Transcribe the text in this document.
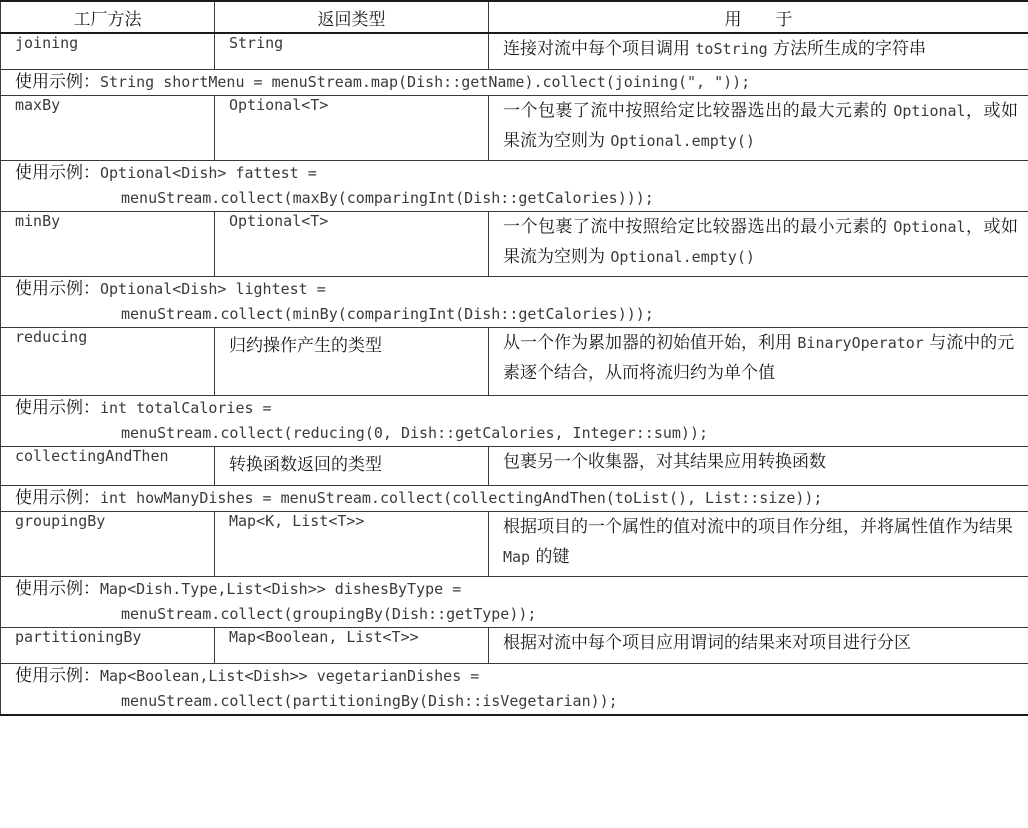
工厂方法	返回类型	用　　于
joining	String	连接对流中每个项目调用 toString 方法所生成的字符串
使用示例：String shortMenu = menuStream.map(Dish::getName).collect(joining(", "));		
maxBy	Optional<T>	一个包裹了流中按照给定比较器选出的最大元素的 Optional，或如果流为空则为 Optional.empty()
使用示例：Optional<Dish> fattest =
menuStream.collect(maxBy(comparingInt(Dish::getCalories)));		

minBy	Optional<T>	一个包裹了流中按照给定比较器选出的最小元素的 Optional，或如果流为空则为 Optional.empty()
使用示例：Optional<Dish> lightest =
menuStream.collect(minBy(comparingInt(Dish::getCalories)));		

reducing	归约操作产生的类型	从一个作为累加器的初始值开始，利用 BinaryOperator 与流中的元素逐个结合，从而将流归约为单个值
使用示例：int totalCalories =
menuStream.collect(reducing(0, Dish::getCalories, Integer::sum));		

collectingAndThen	转换函数返回的类型	包裹另一个收集器，对其结果应用转换函数
使用示例：int howManyDishes = menuStream.collect(collectingAndThen(toList(), List::size));		
groupingBy	Map<K, List<T>>	根据项目的一个属性的值对流中的项目作分组，并将属性值作为结果 Map 的键
使用示例：Map<Dish.Type,List<Dish>> dishesByType =
menuStream.collect(groupingBy(Dish::getType));		

partitioningBy	Map<Boolean, List<T>>	根据对流中每个项目应用谓词的结果来对项目进行分区
使用示例：Map<Boolean,List<Dish>> vegetarianDishes =
menuStream.collect(partitioningBy(Dish::isVegetarian));		
